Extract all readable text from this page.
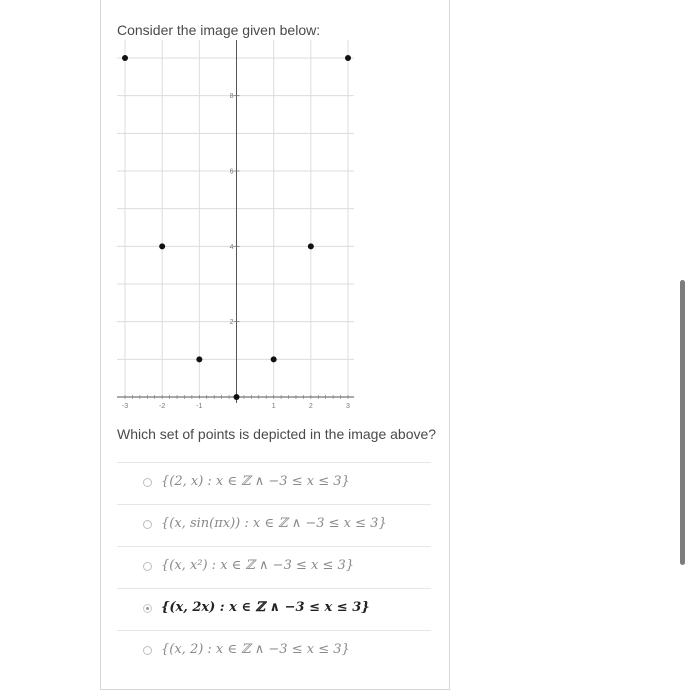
Consider the image given below:
-3	-2	-1	1	2	3
2
4
6
8
Which set of points is depicted in the image above?
{(2, x) : x ∈ ℤ ∧ −3 ≤ x ≤ 3}
{(x, sin(πx)) : x ∈ ℤ ∧ −3 ≤ x ≤ 3}
{(x, x²) : x ∈ ℤ ∧ −3 ≤ x ≤ 3}
{(x, 2x) : x ∈ ℤ ∧ −3 ≤ x ≤ 3}
{(x, 2) : x ∈ ℤ ∧ −3 ≤ x ≤ 3}
